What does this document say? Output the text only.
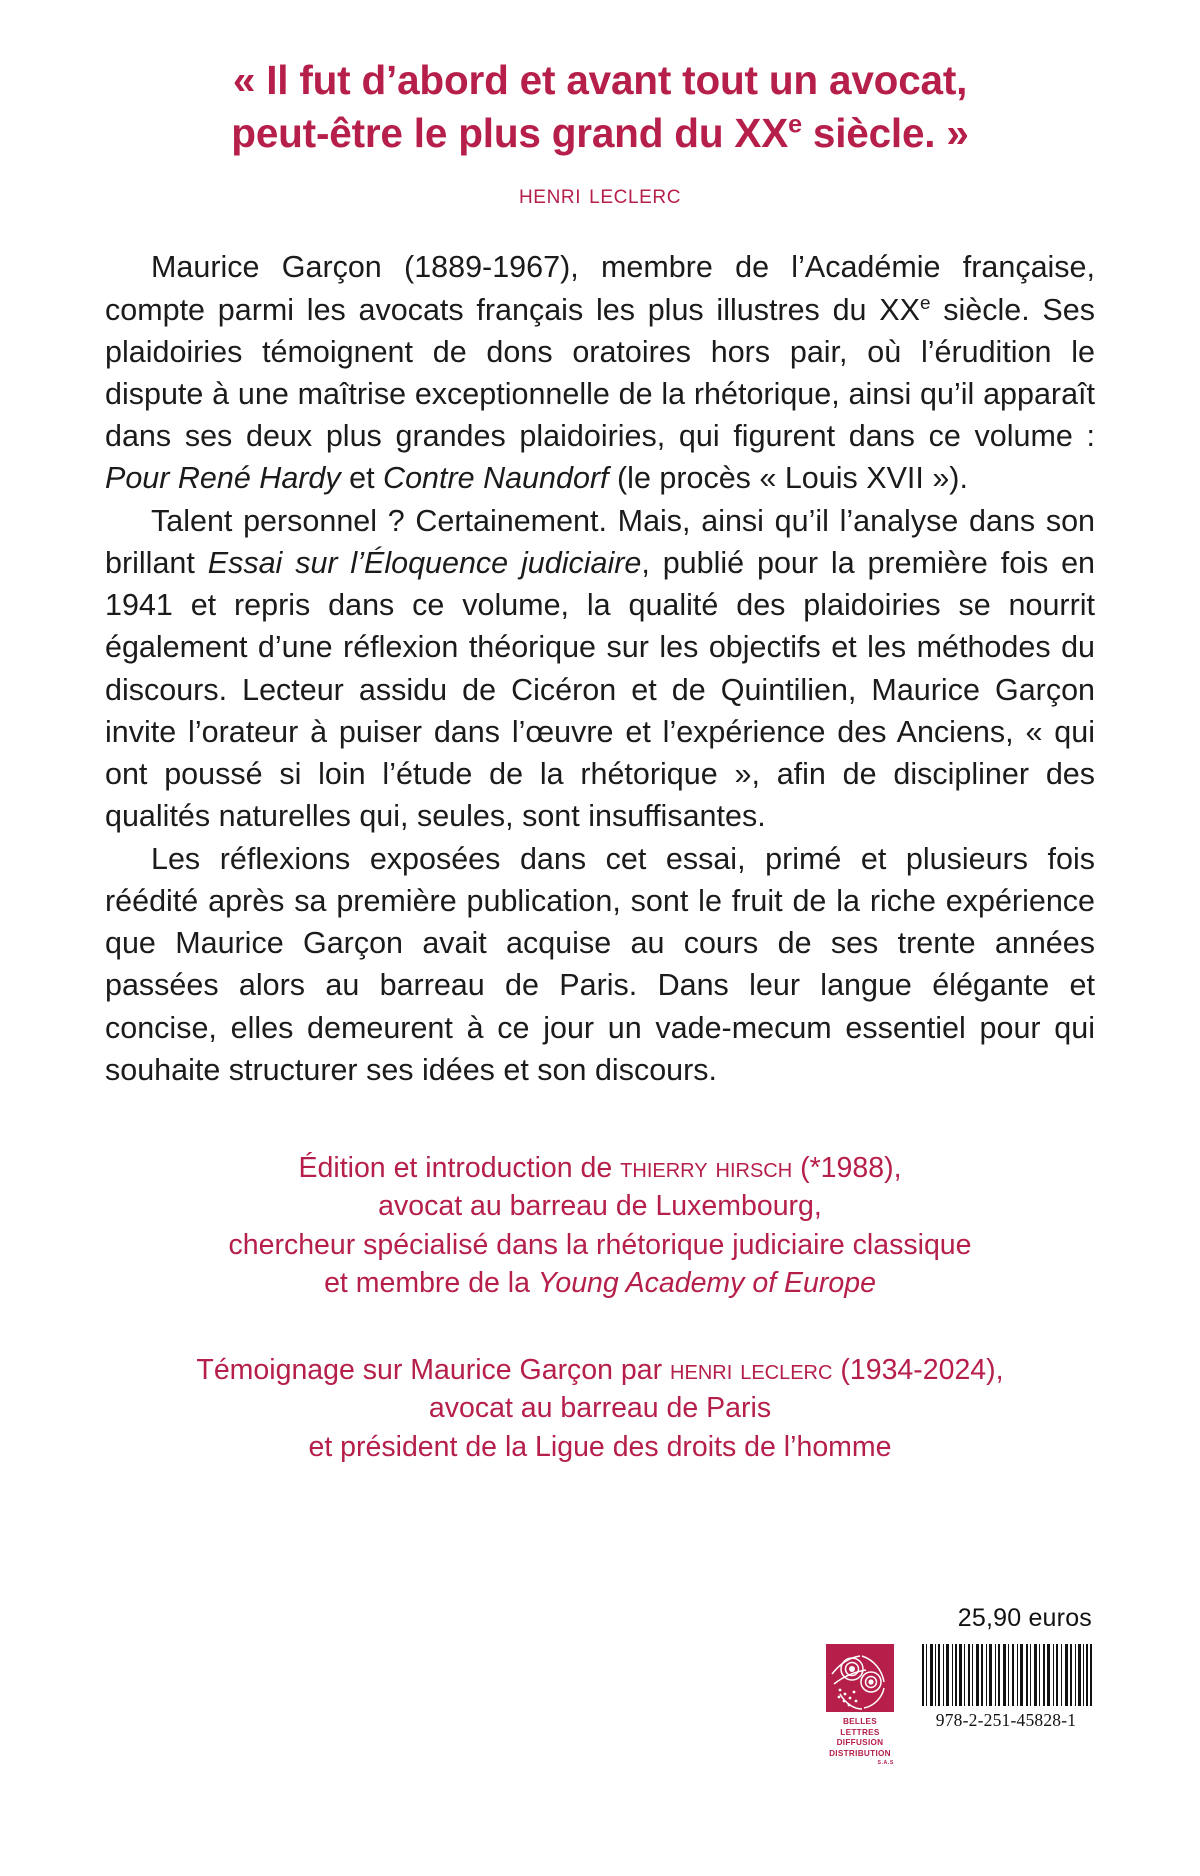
« Il fut d’abord et avant tout un avocat,
peut-être le plus grand du XXe siècle. »
henri leclerc

Maurice Garçon (1889-1967), membre de l’Académie française, compte parmi les avocats français les plus illustres du XXe siècle. Ses plaidoiries témoignent de dons oratoires hors pair, où l’érudition le dispute à une maîtrise exceptionnelle de la rhétorique, ainsi qu’il apparaît dans ses deux plus grandes plaidoiries, qui figurent dans ce volume : Pour René Hardy et Contre Naundorf (le procès « Louis XVII »).

Talent personnel ? Certainement. Mais, ainsi qu’il l’analyse dans son brillant Essai sur l’Éloquence judiciaire, publié pour la première fois en 1941 et repris dans ce volume, la qualité des plaidoiries se nourrit également d’une réflexion théorique sur les objectifs et les méthodes du discours. Lecteur assidu de Cicéron et de Quintilien, Maurice Garçon invite l’orateur à puiser dans l’œuvre et l’expérience des Anciens, « qui ont poussé si loin l’étude de la rhétorique », afin de discipliner des qualités naturelles qui, seules, sont insuffisantes.

Les réflexions exposées dans cet essai, primé et plusieurs fois réédité après sa première publication, sont le fruit de la riche expérience que Maurice Garçon avait acquise au cours de ses trente années passées alors au barreau de Paris. Dans leur langue élégante et concise, elles demeurent à ce jour un vade-mecum essentiel pour qui souhaite structurer ses idées et son discours.

Édition et introduction de thierry hirsch (*1988),
avocat au barreau de Luxembourg,
chercheur spécialisé dans la rhétorique judiciaire classique
et membre de la Young Academy of Europe
Témoignage sur Maurice Garçon par henri leclerc (1934-2024),
avocat au barreau de Paris
et président de la Ligue des droits de l’homme
25,90 euros
BELLES LETTRES
DIFFUSION
DISTRIBUTION
S.A.S
978-2-251-45828-1
